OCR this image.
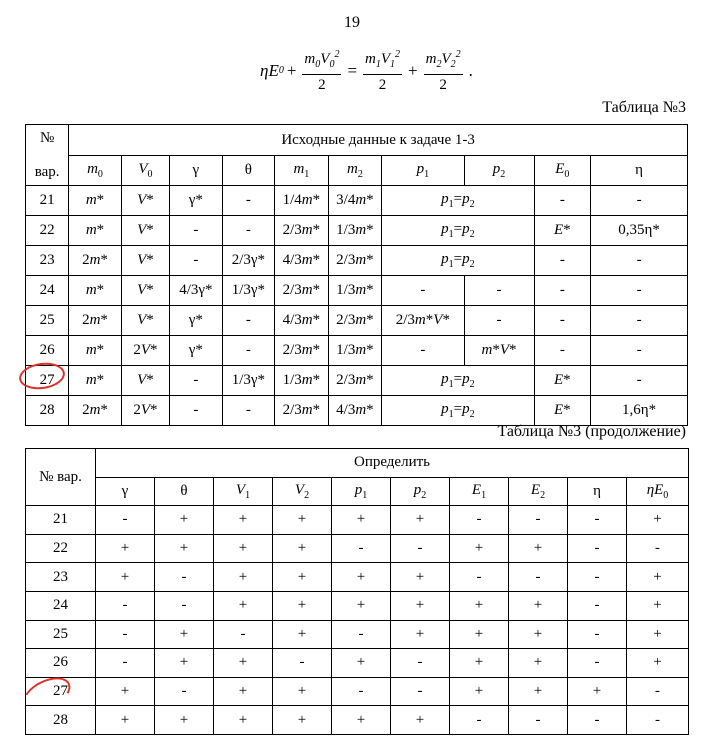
19
η E $0 + \frac{m_0V_0^2}{2} = \frac{m_1V_1^2}{2} + \frac{m_2V_2^2}{2}$ .
Таблица №3
№

вар.	Исходные данные к задаче 1-3									
	$m_0$	$V_0$	γ	θ	$m_1$	$m_2$	$p_1$	$p_2$	$E_0$	η
21	m*	V*	γ*	-	1/4m*	3/4m*	$p_1=p_2$		-	-
22	m*	V*	-	-	2/3m*	1/3m*	$p_1=p_2$		E*	0,35η*
23	2m*	V*	-	2/3γ*	4/3m*	2/3m*	$p_1=p_2$		-	-
24	m*	V*	4/3γ*	1/3γ*	2/3m*	1/3m*	-	-	-	-
25	2m*	V*	γ*	-	4/3m*	2/3m*	2/3m*V*	-	-	-
26	m*	2V*	γ*	-	2/3m*	1/3m*	-	m*V*	-	-
27	m*	V*	-	1/3γ*	1/3m*	2/3m*	$p_1=p_2$		E*	-
28	2m*	2V*	-	-	2/3m*	4/3m*	$p_1=p_2$		E*	1,6η*
Таблица №3 (продолжение)
№ вар.	Определить									
	γ	θ	$V_1$	$V_2$	$p_1$	$p_2$	$E_1$	$E_2$	η	$\eta E_0$
21	-	+	+	+	+	+	-	-	-	+
22	+	+	+	+	-	-	+	+	-	-
23	+	-	+	+	+	+	-	-	-	+
24	-	-	+	+	+	+	+	+	-	+
25	-	+	-	+	-	+	+	+	-	+
26	-	+	+	-	+	-	+	+	-	+
27	+	-	+	+	-	-	+	+	+	-
28	+	+	+	+	+	+	-	-	-	-
